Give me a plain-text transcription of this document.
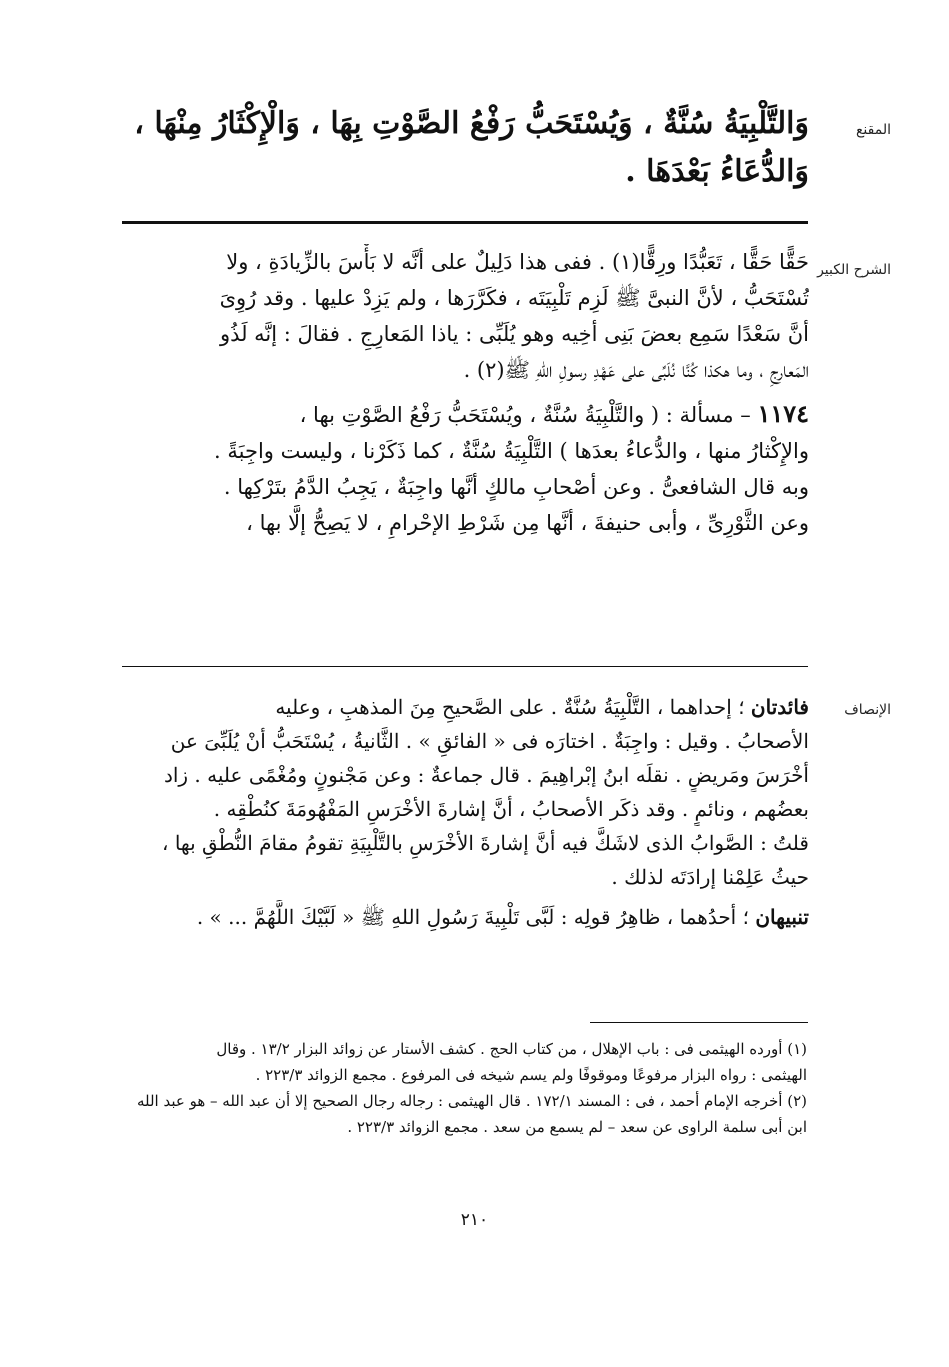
المقنع
الشرح الكبير
الإنصاف
وَالتَّلْبِيَةُ سُنَّةٌ ، وَيُسْتَحَبُّ رَفْعُ الصَّوْتِ بِهَا ، وَالْإِكْثَارُ مِنْهَا ،
وَالدُّعَاءُ بَعْدَهَا .
حَقًّا حَقًّا ، تَعَبُّدًا ورِقًّا(١) . ففى هذا دَلِيلٌ على أنَّه لا بَأْسَ بالزِّيادَةِ ، ولا
تُسْتَحَبُّ ، لأنَّ النبىَّ ﷺ لَزِم تَلْبِيَتَه ، فكَرَّرَها ، ولم يَزِدْ عليها . وقد رُوِىَ
أنَّ سَعْدًا سَمِع بعضَ بَنِى أخِيه وهو يُلَبِّى : ياذا المَعارِجِ . فقالَ : إنَّه لَذُو
المَعارِجِ ، وما هكذا كُنَّا نُلَبِّى على عَهْدِ رسولِ اللهِ ﷺ(٢) .
١١٧٤ – مسألة : ( والتَّلْبِيَةُ سُنَّةٌ ، ويُسْتَحَبُّ رَفْعُ الصَّوْتِ بها ،
والإِكْثارُ منها ، والدُّعاءُ بعدَها ) التَّلْبِيَةُ سُنَّةٌ ، كما ذَكَرْنا ، وليست واجِبَةً .
وبه قال الشافعىُّ . وعن أصْحابِ مالكٍ أنَّها واجِبَةٌ ، يَجِبُ الدَّمُ بتَرْكِها .
وعن الثَّوْرِىِّ ، وأبى حنيفةَ ، أنَّها مِن شَرْطِ الإحْرامِ ، لا يَصِحُّ إلَّا بها ،
فائدتان ؛ إحداهما ، التَّلْبِيَةُ سُنَّةٌ . على الصَّحيحِ مِنَ المذهبِ ، وعليه
الأصحابُ . وقيل : واجِبَةٌ . اختارَه فى « الفائقِ » . الثَّانيةُ ، يُسْتَحَبُّ أنْ يُلَبِّىَ عن
أخْرَسَ ومَريضٍ . نقلَه ابنُ إبْراهِيمَ . قال جماعةٌ : وعن مَجْنونٍ ومُغْمًى عليه . زاد
بعضُهم ، ونائمٍ . وقد ذكَر الأصحابُ ، أنَّ إشارةَ الأخْرَسِ المَفْهُومَةَ كنُطْقِه .
قلتُ : الصَّوابُ الذى لاشَكَّ فيه أنَّ إشارةَ الأخْرَسِ بالتَّلْبِيَةِ تقومُ مقامَ النُّطْقِ بها ،
حيثُ عَلِمْنا إرادَتَه لذلك .
تنبيهان ؛ أحدُهما ، ظاهِرُ قولِه : لَبَّى تَلْبِيةَ رَسُولِ اللهِ ﷺ « لَبَّيْكَ اللَّهُمَّ ... » .
(١) أورده الهيثمى فى : باب الإهلال ، من كتاب الحج . كشف الأستار عن زوائد البزار ١٣/٢ . وقال
الهيثمى : رواه البزار مرفوعًا وموقوفًا ولم يسم شيخه فى المرفوع . مجمع الزوائد ٢٢٣/٣ .
(٢) أخرجه الإمام أحمد ، فى : المسند ١٧٢/١ . قال الهيثمى : رجاله رجال الصحيح إلا أن عبد الله – هو عبد الله
ابن أبى سلمة الراوى عن سعد – لم يسمع من سعد . مجمع الزوائد ٢٢٣/٣ .
٢١٠
